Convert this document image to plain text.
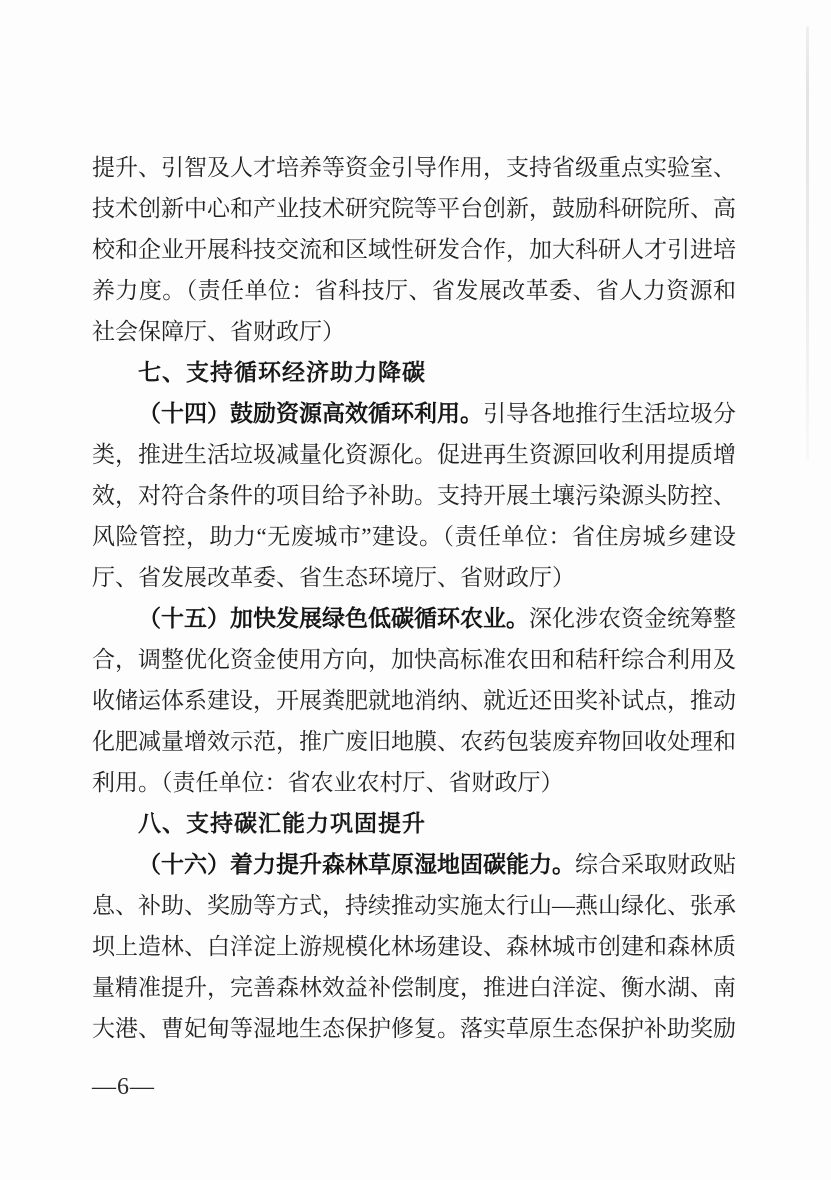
提升、引智及人才培养等资金引导作用，支持省级重点实验室、技术创新中心和产业技术研究院等平台创新，鼓励科研院所、高校和企业开展科技交流和区域性研发合作，加大科研人才引进培养力度。（责任单位：省科技厅、省发展改革委、省人力资源和社会保障厅、省财政厅）

七、支持循环经济助力降碳

（十四）鼓励资源高效循环利用。引导各地推行生活垃圾分类，推进生活垃圾减量化资源化。促进再生资源回收利用提质增效，对符合条件的项目给予补助。支持开展土壤污染源头防控、风险管控，助力“无废城市”建设。（责任单位：省住房城乡建设厅、省发展改革委、省生态环境厅、省财政厅）

（十五）加快发展绿色低碳循环农业。深化涉农资金统筹整合，调整优化资金使用方向，加快高标准农田和秸秆综合利用及收储运体系建设，开展粪肥就地消纳、就近还田奖补试点，推动化肥减量增效示范，推广废旧地膜、农药包装废弃物回收处理和利用。（责任单位：省农业农村厅、省财政厅）

八、支持碳汇能力巩固提升

（十六）着力提升森林草原湿地固碳能力。综合采取财政贴息、补助、奖励等方式，持续推动实施太行山—燕山绿化、张承坝上造林、白洋淀上游规模化林场建设、森林城市创建和森林质量精准提升，完善森林效益补偿制度，推进白洋淀、衡水湖、南大港、曹妃甸等湿地生态保护修复。落实草原生态保护补助奖励

—6—
